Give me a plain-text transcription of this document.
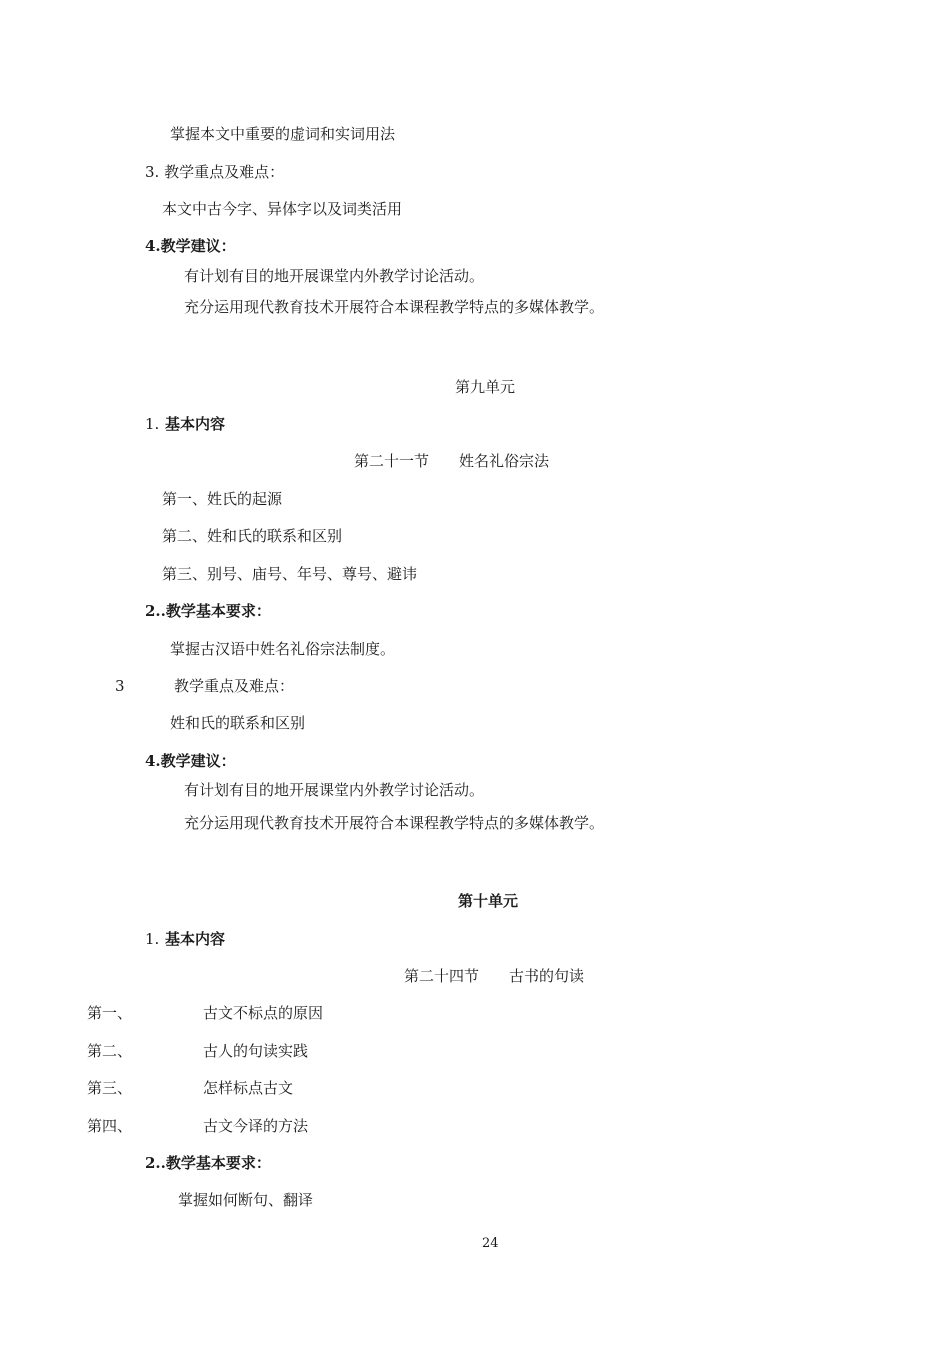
掌握本文中重要的虚词和实词用法
3. 教学重点及难点：
本文中古今字、异体字以及词类活用
4.教学建议：
有计划有目的地开展课堂内外教学讨论活动。
充分运用现代教育技术开展符合本课程教学特点的多媒体教学。
第九单元
1. 基本内容
第二十一节　　姓名礼俗宗法
第一、姓氏的起源
第二、姓和氏的联系和区别
第三、别号、庙号、年号、尊号、避讳
2..教学基本要求：
掌握古汉语中姓名礼俗宗法制度。
3	教学重点及难点：
姓和氏的联系和区别
4.教学建议：
有计划有目的地开展课堂内外教学讨论活动。
充分运用现代教育技术开展符合本课程教学特点的多媒体教学。
第十单元
1. 基本内容
第二十四节　　古书的句读
第一、	古文不标点的原因
第二、	古人的句读实践
第三、	怎样标点古文
第四、	古文今译的方法
2..教学基本要求：
掌握如何断句、翻译
24
